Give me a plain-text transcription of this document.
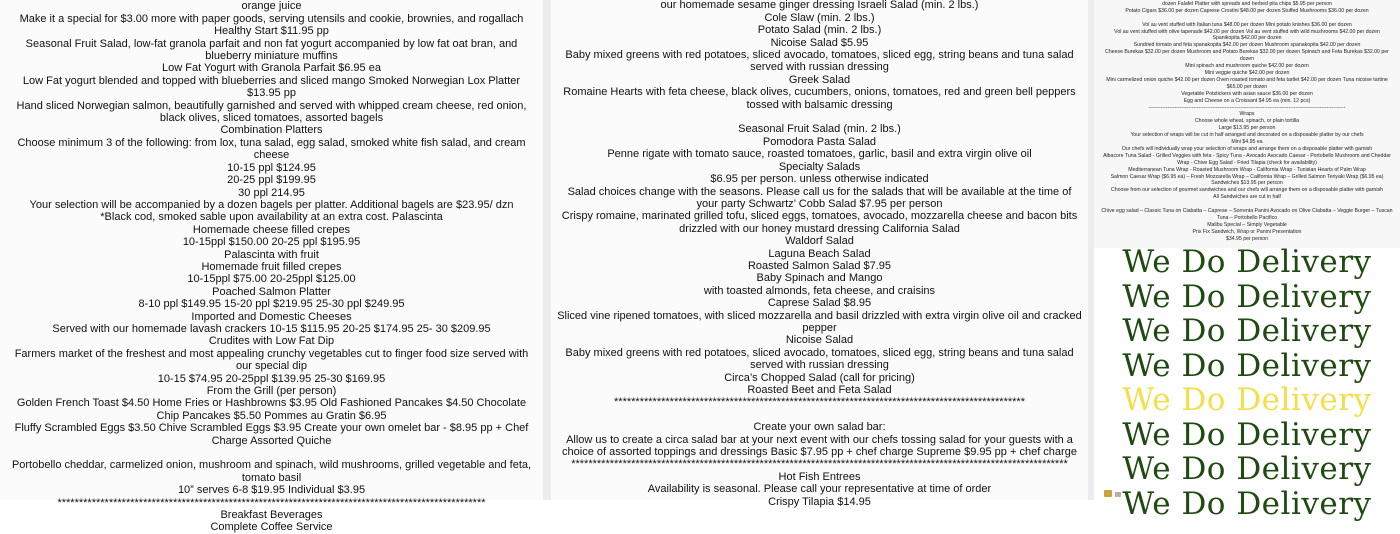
orange juice

Make it a special for $3.00 more with paper goods, serving utensils and cookie, brownies, and rogallach

Healthy Start $11.95 pp

Seasonal Fruit Salad, low-fat granola parfait and non fat yogurt accompanied by low fat oat bran, and blueberry miniature muffins

Low Fat Yogurt with Granola Parfait $6.95 ea

Low Fat yogurt blended and topped with blueberries and sliced mango Smoked Norwegian Lox Platter $13.95 pp

Hand sliced Norwegian salmon, beautifully garnished and served with whipped cream cheese, red onion, black olives, sliced tomatoes, assorted bagels

Combination Platters

Choose minimum 3 of the following: from lox, tuna salad, egg salad, smoked white fish salad, and cream cheese

10-15 ppl $124.95

20-25 ppl $199.95

30 ppl 214.95

Your selection will be accompanied by a dozen bagels per platter. Additional bagels are $23.95/ dzn

*Black cod, smoked sable upon availability at an extra cost. Palascinta

Homemade cheese filled crepes

10-15ppl $150.00 20-25 ppl $195.95

Palascinta with fruit

Homemade fruit filled crepes

10-15ppl $75.00 20-25ppl $125.00

Poached Salmon Platter

8-10 ppl $149.95 15-20 ppl $219.95 25-30 ppl $249.95

Imported and Domestic Cheeses

Served with our homemade lavash crackers 10-15 $115.95 20-25 $174.95 25- 30 $209.95

Crudites with Low Fat Dip

Farmers market of the freshest and most appealing crunchy vegetables cut to finger food size served with our special dip

10-15 $74.95 20-25ppl $139.95 25-30 $169.95

From the Grill (per person)

Golden French Toast $4.50 Home Fries or Hashbrowns $3.95 Old Fashioned Pancakes $4.50 Chocolate Chip Pancakes $5.50 Pommes au Gratin $6.95

Fluffy Scrambled Eggs $3.50 Chive Scrambled Eggs $3.95 Create your own omelet bar - $8.95 pp + Chef Charge Assorted Quiche

Portobello cheddar, carmelized onion, mushroom and spinach, wild mushrooms, grilled vegetable and feta, tomato basil

10” serves 6-8 $19.95 Individual $3.95 ****************************************************************************************************

Breakfast Beverages

Complete Coffee Service

our homemade sesame ginger dressing Israeli Salad (min. 2 lbs.)

Cole Slaw (min. 2 lbs.)

Potato Salad (min. 2 lbs.)

Nicoise Salad $5.95

Baby mixed greens with red potatoes, sliced avocado, tomatoes, sliced egg, string beans and tuna salad served with russian dressing

Greek Salad

Romaine Hearts with feta cheese, black olives, cucumbers, onions, tomatoes, red and green bell peppers tossed with balsamic dressing

Seasonal Fruit Salad (min. 2 lbs.)

Pomodora Pasta Salad

Penne rigate with tomato sauce, roasted tomatoes, garlic, basil and extra virgin olive oil

Specialty Salads

$6.95 per person. unless otherwise indicated

Salad choices change with the seasons. Please call us for the salads that will be available at the time of your party Schwartz’ Cobb Salad $7.95 per person

Crispy romaine, marinated grilled tofu, sliced eggs, tomatoes, avocado, mozzarella cheese and bacon bits drizzled with our honey mustard dressing California Salad

Waldorf Salad

Laguna Beach Salad

Roasted Salmon Salad $7.95

Baby Spinach and Mango

with toasted almonds, feta cheese, and craisins

Caprese Salad $8.95

Sliced vine ripened tomatoes, with sliced mozzarella and basil drizzled with extra virgin olive oil and cracked pepper

Nicoise Salad

Baby mixed greens with red potatoes, sliced avocado, tomatoes, sliced egg, string beans and tuna salad served with russian dressing

Circa’s Chopped Salad (call for pricing)

Roasted Beet and Feta Salad ************************************************************************************************

Create your own salad bar:

Allow us to create a circa salad bar at your next event with our chefs tossing salad for your guests with a choice of assorted toppings and dressings Basic $7.95 pp + chef charge Supreme $9.95 pp + chef charge

********************************************************************************************************************

Hot Fish Entrees

Availability is seasonal. Please call your representative at time of order

Crispy Tilapia $14.95

dozen Falafel Platter with spreads and herbed pita chips $5.95 per person

Potato Cigars $36.00 per dozen Caprese Crostini $48.00 per dozen Stuffed Mushrooms $36.00 per dozen

Vol au vent stuffed with Italian tuna $48.00 per dozen Mini potato knishes $36.00 per dozen

Vol au vent stuffed with olive tapenade $42.00 per dozen Vol au vent stuffed with wild mushrooms $42.00 per dozen

Spanikopita $42.00 per dozen

Sundried tomato and feta spanakopita $42.00 per dozen Mushroom spanakopita $42.00 per dozen

Cheese Burekas $32.00 per dozen Mushroom and Potato Burekas $32.00 per dozen Spinach and Feta Burekas $32.00 per dozen

Mini spinach and mushroom quiche $42.00 per dozen

Mini veggie quiche $42.00 per dozen

Mini carmelized onion quiche $42.00 per dozen Oven roasted tomato and feta tartlet $42.00 per dozen Tuna nicoise tartine $65.00 per dozen

Vegetable Potstickers with asian sauce $36.00 per dozen

Egg and Cheese on a Croissant $4.95 ea (min. 12 pcs)

------------------------------------------------------------------------------------------------------------------

Wraps

Choose whole wheat, spinach, or plain tortilla

Large $13.95 per person

Your selection of wraps will be cut in half arranged and decorated on a disposable platter by our chefs

Mini $4.95 ea

Our chefs will individually wrap your selection of wraps and arrange them on a disposable platter with garnish

Albacore Tuna Salad - Grilled Veggies with feta - Spicy Tuna - Avocado Avocado Caesar - Portobello Mushroom and Cheddar Wrap - Chive Egg Salad - Fried Tilapia (check for availability)

Mediterranean Tuna Wrap - Roasted Mushroom Wrap - California Wrap - Tunisian Hearts of Palm Wrap

Salmon Caesar Wrap ($6.95 ea) – Fresh Mozzarella Wrap – California Wrap – Grilled Salmon Teriyaki Wrap ($6.95 ea)

Sandwiches $13.95 per person

Choose from our selection of gourmet sandwiches and our chefs will arrange them on a disposable platter with garnish

All Sandwiches are cut in half

Chive egg salad – Classic Tuna on Ciabatta – Caprese – Sorrenta Panini Avocado on Olive Ciabatta – Veggie Burger – Tuscan Tuna – Portobello Pacifico

Malibu Special – Simply Vegetable

Prix Fix Sandwich, Wrap or Panini Presentation

$34.95 per person

We Do Delivery
We Do Delivery
We Do Delivery
We Do Delivery
We Do Delivery
We Do Delivery
We Do Delivery
We Do Delivery
